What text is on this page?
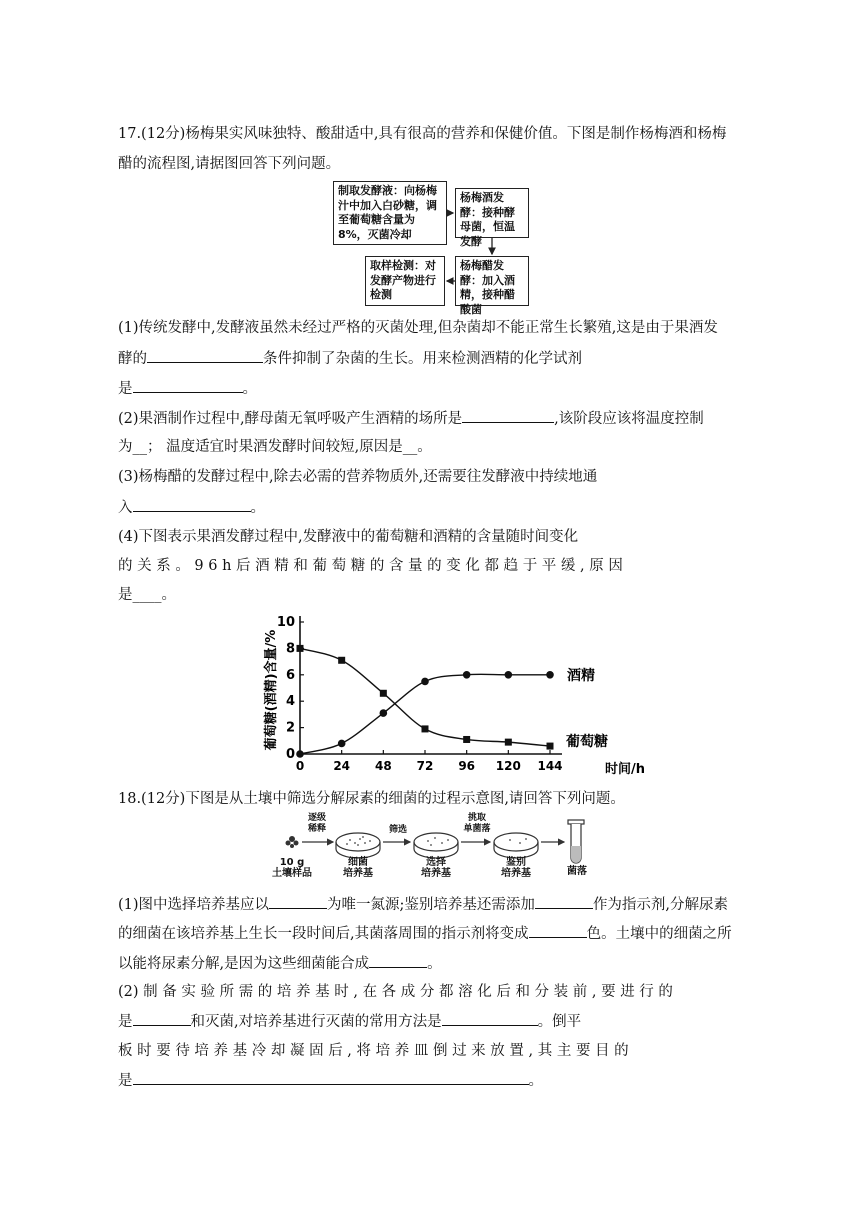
17.(12分)杨梅果实风味独特、酸甜适中,具有很高的营养和保健价值。下图是制作杨梅酒和杨梅
醋的流程图,请据图回答下列问题。
制取发酵液：向杨梅汁中加入白砂糖，调至葡萄糖含量为8%，灭菌冷却
杨梅酒发酵：接种酵母菌，恒温发酵
杨梅醋发酵：加入酒精，接种醋酸菌
取样检测：对发酵产物进行检测
(1)传统发酵中,发酵液虽然未经过严格的灭菌处理,但杂菌却不能正常生长繁殖,这是由于果酒发
酵的	条件抑制了杂菌的生长。用来检测酒精的化学试剂
是	。
(2)果酒制作过程中,酵母菌无氧呼吸产生酒精的场所是	,该阶段应该将温度控制
为__； 温度适宜时果酒发酵时间较短,原因是__。
(3)杨梅醋的发酵过程中,除去必需的营养物质外,还需要往发酵液中持续地通
入	。
(4)下图表示果酒发酵过程中,发酵液中的葡萄糖和酒精的含量随时间变化
的 关 系 。 9 6 h 后 酒 精 和 葡 萄 糖 的 含 量 的 变 化 都 趋 于 平 缓 , 原 因
是____。
0
2
4
6
8
10
0 24 48 72 96 120 144
葡萄糖(酒精)含量/%
时间/h
酒精
葡萄糖
18.(12分)下图是从土壤中筛选分解尿素的细菌的过程示意图,请回答下列问题。
逐级
稀释	筛选
挑取
单菌落
10 g
土壤样品
细菌
培养基
选择
培养基
鉴别
培养基	菌落
(1)图中选择培养基应以	为唯一氮源;鉴别培养基还需添加	作为指示剂,分解尿素
的细菌在该培养基上生长一段时间后,其菌落周围的指示剂将变成	色。土壤中的细菌之所
以能将尿素分解,是因为这些细菌能合成	。
(2) 制 备 实 验 所 需 的 培 养 基 时 , 在 各 成 分 都 溶 化 后 和 分 装 前 , 要 进 行 的
是	和灭菌,对培养基进行灭菌的常用方法是	。倒平
板 时 要 待 培 养 基 冷 却 凝 固 后 , 将 培 养 皿 倒 过 来 放 置 , 其 主 要 目 的
是	。
